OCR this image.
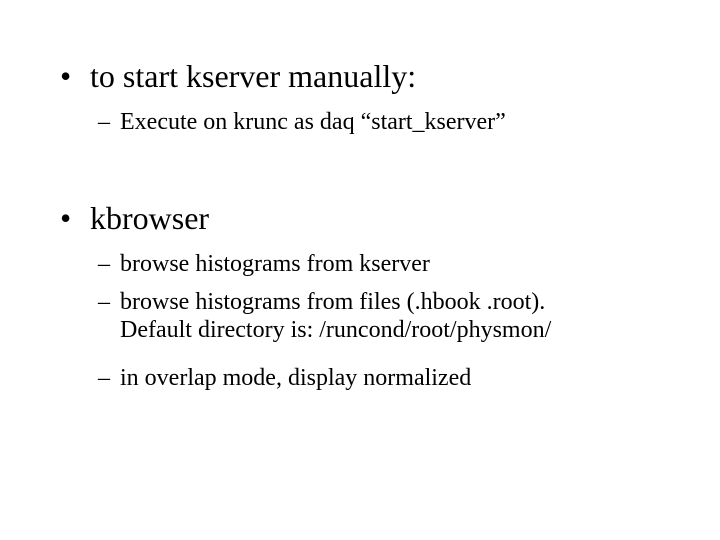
• to start kserver manually:
– Execute on krunc as daq “start_kserver”
• kbrowser
– browse histograms from kserver
– browse histograms from files (.hbook .root).
Default directory is: /runcond/root/physmon/
– in overlap mode, display normalized
